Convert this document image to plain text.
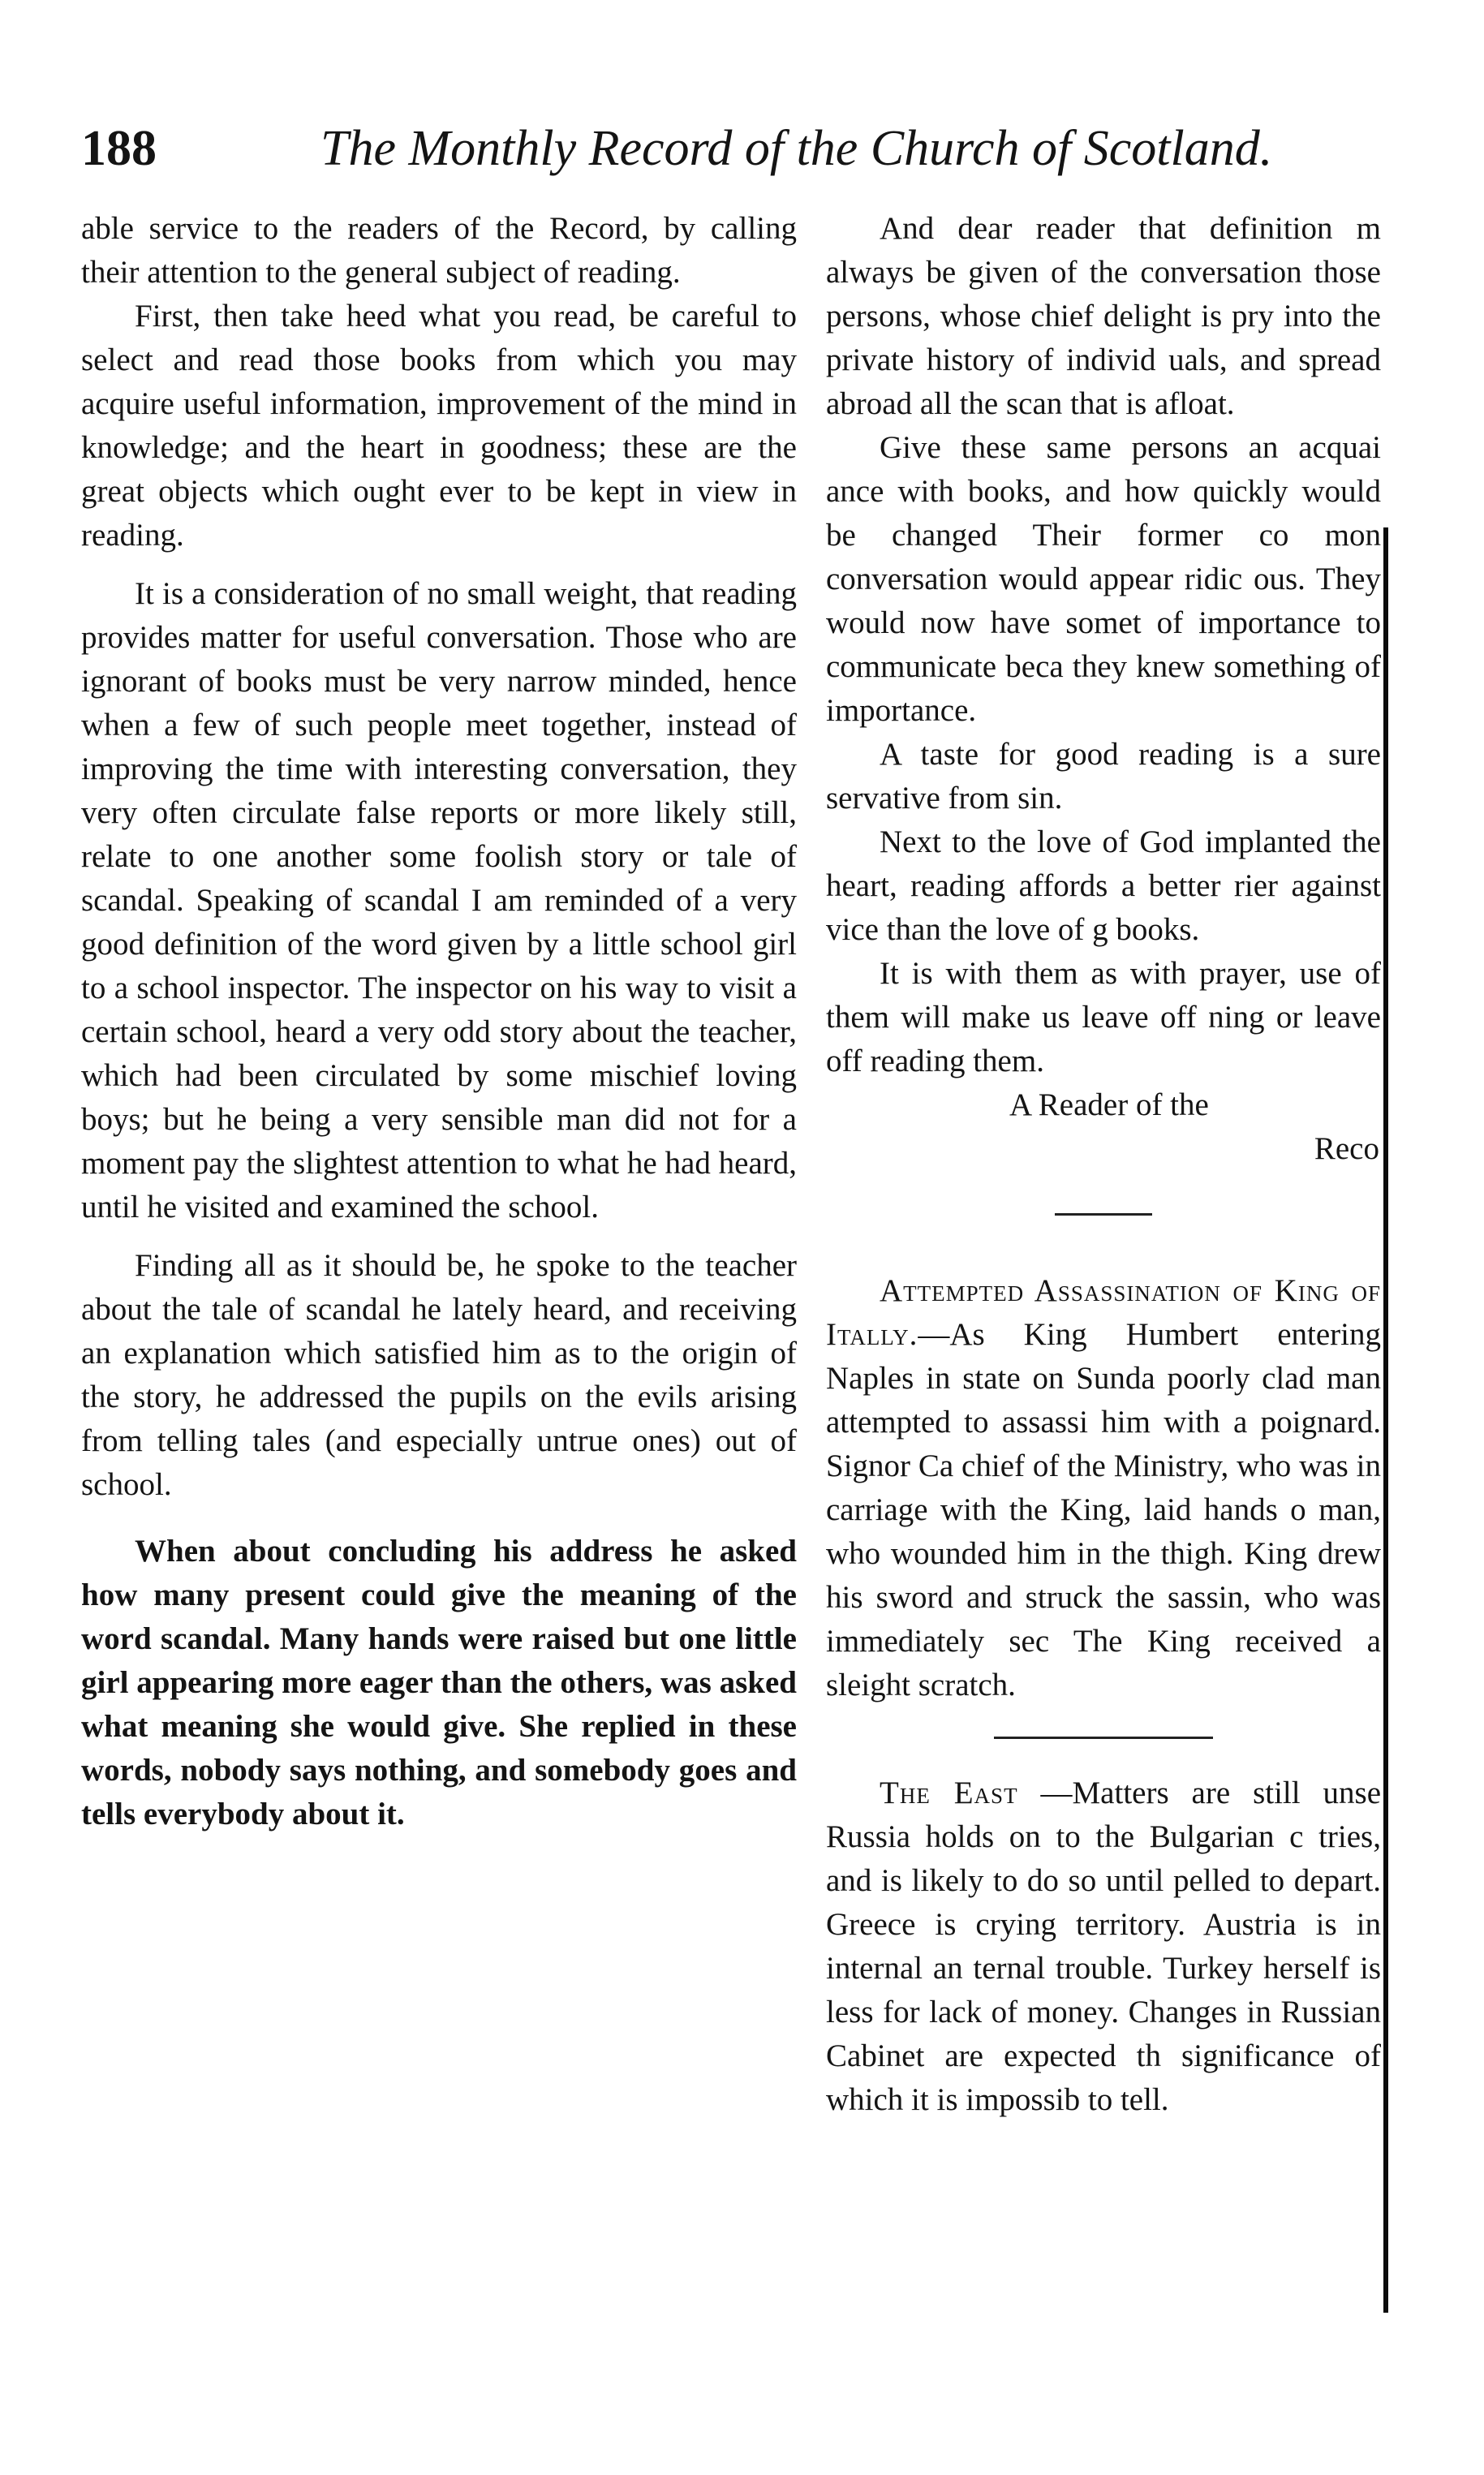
188	The Monthly Record of the Church of Scotland.

able service to the readers of the Record, by calling their attention to the general subject of reading.

First, then take heed what you read, be careful to select and read those books from which you may acquire useful information, improvement of the mind in knowledge; and the heart in goodness; these are the great objects which ought ever to be kept in view in reading.

It is a consideration of no small weight, that reading provides matter for useful conversation. Those who are ignorant of books must be very narrow minded, hence when a few of such people meet together, instead of improving the time with interesting conversation, they very often circulate false reports or more likely still, relate to one another some foolish story or tale of scandal. Speaking of scandal I am reminded of a very good definition of the word given by a little school girl to a school inspector. The inspector on his way to visit a certain school, heard a very odd story about the teacher, which had been circulated by some mischief loving boys; but he being a very sensible man did not for a moment pay the slightest attention to what he had heard, until he visited and examined the school.

Finding all as it should be, he spoke to the teacher about the tale of scandal he lately heard, and receiving an explanation which satisfied him as to the origin of the story, he addressed the pupils on the evils arising from telling tales (and especially untrue ones) out of school.

When about concluding his address he asked how many present could give the meaning of the word scandal. Many hands were raised but one little girl appearing more eager than the others, was asked what meaning she would give. She replied in these words, nobody says nothing, and somebody goes and tells everybody about it.

And dear reader that definition m always be given of the conversation those persons, whose chief delight is pry into the private history of individ uals, and spread abroad all the scan that is afloat.

Give these same persons an acquai ance with books, and how quickly would be changed Their former co mon conversation would appear ridic ous. They would now have somet of importance to communicate beca they knew something of importance.

A taste for good reading is a sure servative from sin.

Next to the love of God implanted the heart, reading affords a better rier against vice than the love of g books.

It is with them as with prayer, use of them will make us leave off ning or leave off reading them.

A Reader of the

Reco

Attempted Assassination of King of Itally.—As King Humbert entering Naples in state on Sunda poorly clad man attempted to assassi him with a poignard. Signor Ca chief of the Ministry, who was in carriage with the King, laid hands o man, who wounded him in the thigh. King drew his sword and struck the sassin, who was immediately sec The King received a sleight scratch.

The East —Matters are still unse Russia holds on to the Bulgarian c tries, and is likely to do so until pelled to depart. Greece is crying territory. Austria is in internal an ternal trouble. Turkey herself is less for lack of money. Changes in Russian Cabinet are expected th significance of which it is impossib to tell.
